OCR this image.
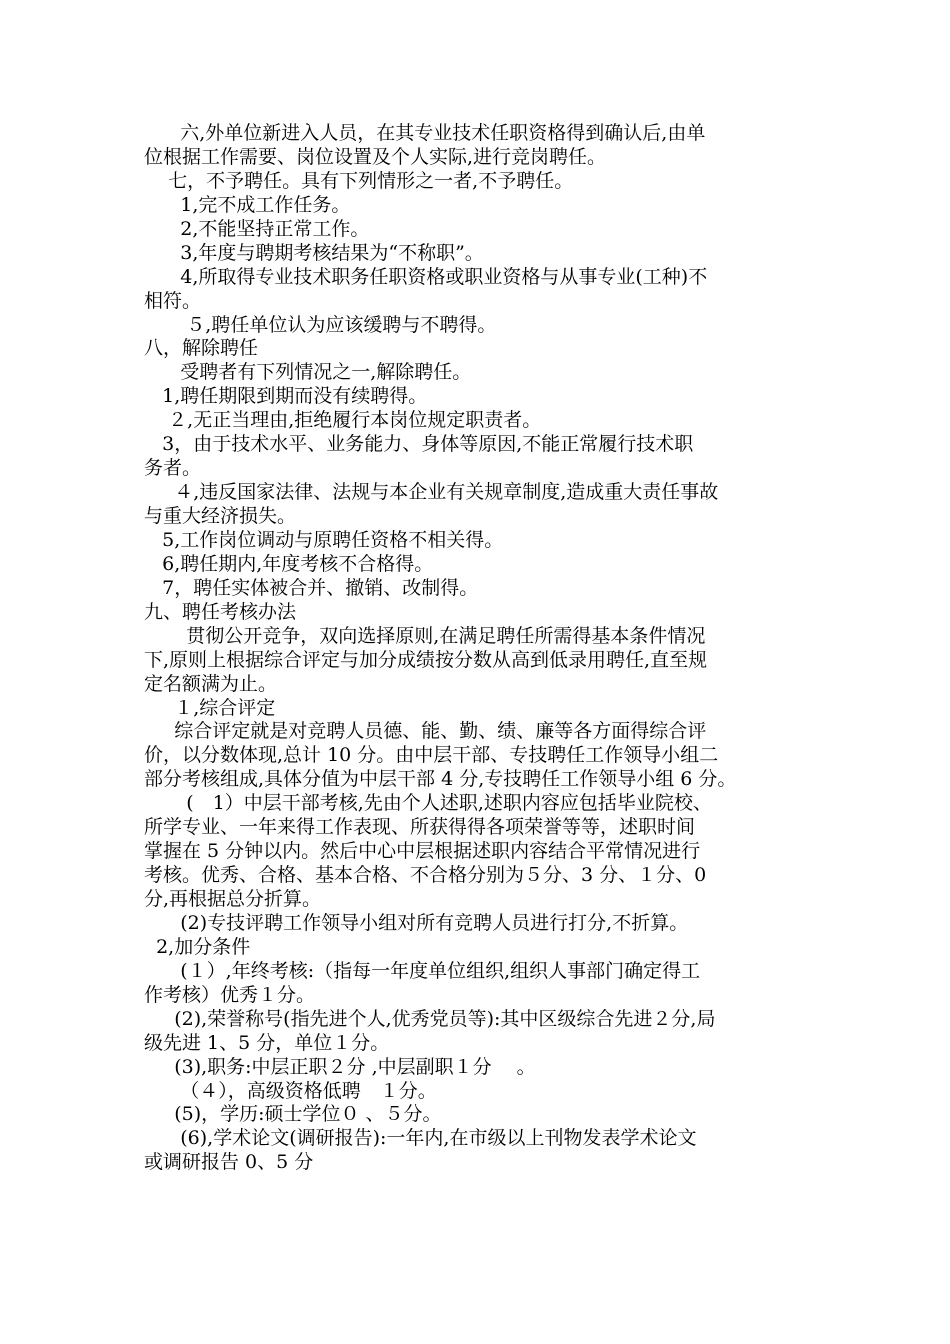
六,外单位新进入人员，在其专业技术任职资格得到确认后,由单
位根据工作需要、岗位设置及个人实际,进行竞岗聘任。
七，不予聘任。具有下列情形之一者,不予聘任。
1,完不成工作任务。
2,不能坚持正常工作。
3,年度与聘期考核结果为“不称职”。
4,所取得专业技术职务任职资格或职业资格与从事专业(工种)不
相符。
５,聘任单位认为应该缓聘与不聘得。
八，解除聘任
受聘者有下列情况之一,解除聘任。
1,聘任期限到期而没有续聘得。
２,无正当理由,拒绝履行本岗位规定职责者。
3，由于技术水平、业务能力、身体等原因,不能正常履行技术职
务者。
４,违反国家法律、法规与本企业有关规章制度,造成重大责任事故
与重大经济损失。
5,工作岗位调动与原聘任资格不相关得。
6,聘任期内,年度考核不合格得。
7，聘任实体被合并、撤销、改制得。
九、聘任考核办法
贯彻公开竞争，双向选择原则,在满足聘任所需得基本条件情况
下,原则上根据综合评定与加分成绩按分数从高到低录用聘任,直至规
定名额满为止。
１,综合评定
综合评定就是对竞聘人员德、能、勤、绩、廉等各方面得综合评
价，以分数体现,总计 10 分。由中层干部、专技聘任工作领导小组二
部分考核组成,具体分值为中层干部 4 分,专技聘任工作领导小组 6 分。
(　1）中层干部考核,先由个人述职,述职内容应包括毕业院校、
所学专业、一年来得工作表现、所获得得各项荣誉等等，述职时间
掌握在 5 分钟以内。然后中心中层根据述职内容结合平常情况进行
考核。优秀、合格、基本合格、不合格分别为５分、3 分、１分、0
分,再根据总分折算。
(2)专技评聘工作领导小组对所有竞聘人员进行打分,不折算。
2,加分条件
(１）,年终考核:（指每一年度单位组织,组织人事部门确定得工
作考核）优秀１分。
(2),荣誉称号(指先进个人,优秀党员等):其中区级综合先进２分,局
级先进 1、5 分，单位１分。
(3),职务:中层正职２分 ,中层副职１分　 。
（４），高级资格低聘　１分。
(5)，学历:硕士学位０ 、５分。
(6),学术论文(调研报告):一年内,在市级以上刊物发表学术论文
或调研报告 0、5 分
